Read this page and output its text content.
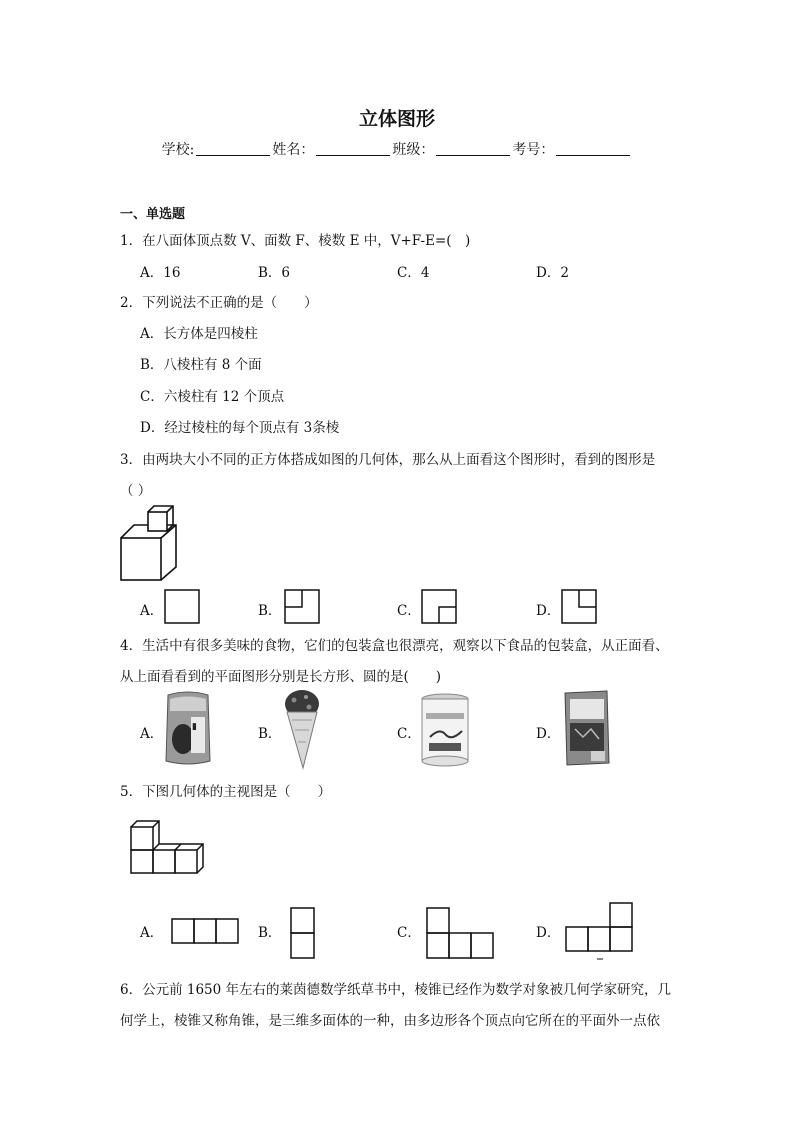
立体图形
学校:	姓名：	班级：	考号：
一、单选题
1．在八面体顶点数 V、面数 F、棱数 E 中，V+F-E=(　)
A．16	B．6	C．4	D．2
2．下列说法不正确的是（　　）
A．长方体是四棱柱
B．八棱柱有 8 个面
C．六棱柱有 12 个顶点
D．经过棱柱的每个顶点有 3条棱
3．由两块大小不同的正方体搭成如图的几何体，那么从上面看这个图形时，看到的图形是
（ ）
A．	B．	C．	D．
4．生活中有很多美味的食物，它们的包装盒也很漂亮，观察以下食品的包装盒，从正面看、
从上面看看到的平面图形分别是长方形、圆的是(　　)
A．	▮	B．	C．	D．
5．下图几何体的主视图是（　　）
A．	B．	C．	D．
6．公元前 1650 年左右的莱茵德数学纸草书中，棱锥已经作为数学对象被几何学家研究，几
何学上，棱锥又称角锥，是三维多面体的一种，由多边形各个顶点向它所在的平面外一点依
